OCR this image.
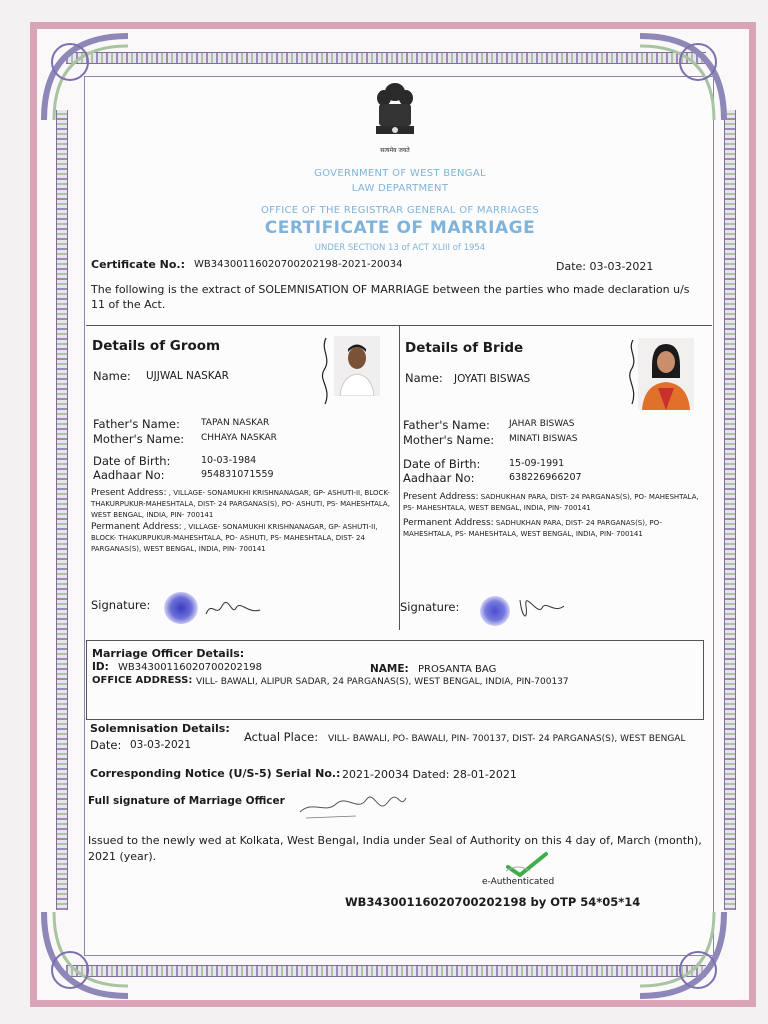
सत्यमेव जयते
GOVERNMENT OF WEST BENGAL
LAW DEPARTMENT
OFFICE OF THE REGISTRAR GENERAL OF MARRIAGES
CERTIFICATE OF MARRIAGE
UNDER SECTION 13 of ACT XLIII of 1954
Certificate No.: WB34300116020700202198-2021-20034	Date: 03-03-2021
The following is the extract of SOLEMNISATION OF MARRIAGE between the parties who made declaration u/s 11 of the Act.
Details of Groom
Name: UJJWAL NASKAR
Father's Name: TAPAN NASKAR
Mother's Name: CHHAYA NASKAR
Date of Birth:	10-03-1984
Aadhaar No:	954831071559
Present Address: , VILLAGE- SONAMUKHI KRISHNANAGAR, GP- ASHUTI-II, BLOCK- THAKURPUKUR-MAHESHTALA, DIST- 24 PARGANAS(S), PO- ASHUTI, PS- MAHESHTALA, WEST BENGAL, INDIA, PIN- 700141
Permanent Address: , VILLAGE- SONAMUKHI KRISHNANAGAR, GP- ASHUTI-II, BLOCK- THAKURPUKUR-MAHESHTALA, PO- ASHUTI, PS- MAHESHTALA, DIST- 24 PARGANAS(S), WEST BENGAL, INDIA, PIN- 700141
Signature:
Details of Bride
Name: JOYATI BISWAS
Father's Name: JAHAR BISWAS
Mother's Name: MINATI BISWAS
Date of Birth:	15-09-1991
Aadhaar No:	638226966207
Present Address: SADHUKHAN PARA, DIST- 24 PARGANAS(S), PO- MAHESHTALA, PS- MAHESHTALA, WEST BENGAL, INDIA, PIN- 700141
Permanent Address: SADHUKHAN PARA, DIST- 24 PARGANAS(S), PO- MAHESHTALA, PS- MAHESHTALA, WEST BENGAL, INDIA, PIN- 700141
Signature:
Marriage Officer Details:
ID: WB34300116020700202198	NAME: PROSANTA BAG
OFFICE ADDRESS: VILL- BAWALI, ALIPUR SADAR, 24 PARGANAS(S), WEST BENGAL, INDIA, PIN-700137
Solemnisation Details:
Date: 03-03-2021
Actual Place:	VILL- BAWALI, PO- BAWALI, PIN- 700137, DIST- 24 PARGANAS(S), WEST BENGAL
Corresponding Notice (U/S-5) Serial No.: 2021-20034 Dated: 28-01-2021
Full signature of Marriage Officer
Issued to the newly wed at Kolkata, West Bengal, India under Seal of Authority on this 4 day of, March (month), 2021 (year).
e-Authenticated
WB34300116020700202198 by OTP 54*05*14
